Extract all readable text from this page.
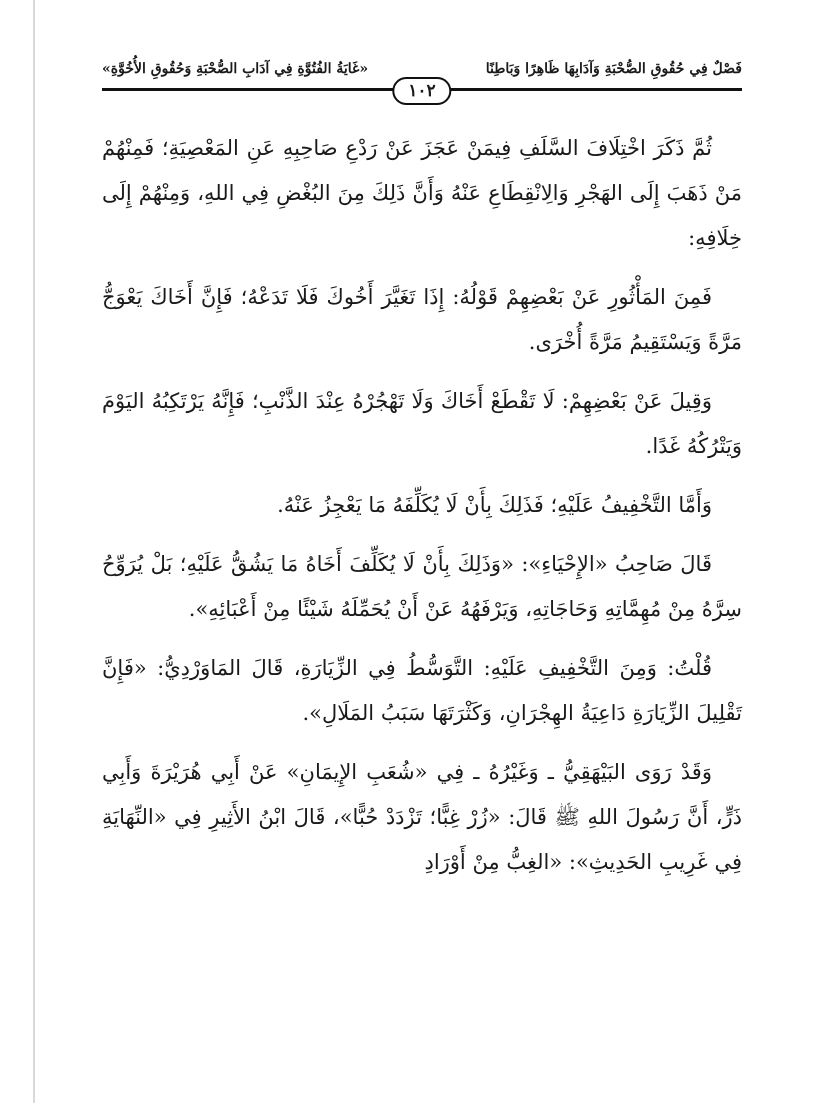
فَصْلٌ فِي حُقُوقِ الصُّحْبَةِ وَآدَابِهَا ظَاهِرًا وَبَاطِنًا
«غَايَةُ الفُتُوَّةِ فِي آدَابِ الصُّحْبَةِ وَحُقُوقِ الأُخُوَّةِ»
١٠٢

ثُمَّ ذَكَرَ اخْتِلَافَ السَّلَفِ فِيمَنْ عَجَزَ عَنْ رَدْعِ صَاحِبِهِ عَنِ المَعْصِيَةِ؛ فَمِنْهُمْ مَنْ ذَهَبَ إِلَى الهَجْرِ وَالِانْقِطَاعِ عَنْهُ وَأَنَّ ذَلِكَ مِنَ البُغْضِ فِي اللهِ، وَمِنْهُمْ إِلَى خِلَافِهِ:

فَمِنَ المَأْثُورِ عَنْ بَعْضِهِمْ قَوْلُهُ: إِذَا تَغَيَّرَ أَخُوكَ فَلَا تَدَعْهُ؛ فَإِنَّ أَخَاكَ يَعْوَجُّ مَرَّةً وَيَسْتَقِيمُ مَرَّةً أُخْرَى.

وَقِيلَ عَنْ بَعْضِهِمْ: لَا تَقْطَعْ أَخَاكَ وَلَا تَهْجُرْهُ عِنْدَ الذَّنْبِ؛ فَإِنَّهُ يَرْتَكِبُهُ اليَوْمَ وَيَتْرُكُهُ غَدًا.

وَأَمَّا التَّخْفِيفُ عَلَيْهِ؛ فَذَلِكَ بِأَنْ لَا يُكَلِّفَهُ مَا يَعْجِزُ عَنْهُ.

قَالَ صَاحِبُ «الإِحْيَاءِ»: «وَذَلِكَ بِأَنْ لَا يُكَلِّفَ أَخَاهُ مَا يَشُقُّ عَلَيْهِ؛ بَلْ يُرَوِّحُ سِرَّهُ مِنْ مُهِمَّاتِهِ وَحَاجَاتِهِ، وَيَرْفَهُهُ عَنْ أَنْ يُحَمِّلَهُ شَيْئًا مِنْ أَعْبَائِهِ».

قُلْتُ: وَمِنَ التَّخْفِيفِ عَلَيْهِ: التَّوَسُّطُ فِي الزِّيَارَةِ، قَالَ المَاوَرْدِيُّ: «فَإِنَّ تَقْلِيلَ الزِّيَارَةِ دَاعِيَةُ الهِجْرَانِ، وَكَثْرَتَهَا سَبَبُ المَلَالِ».

وَقَدْ رَوَى البَيْهَقِيُّ ـ وَغَيْرُهُ ـ فِي «شُعَبِ الإِيمَانِ» عَنْ أَبِي هُرَيْرَةَ وَأَبِي ذَرٍّ، أَنَّ رَسُولَ اللهِ ﷺ قَالَ: «زُرْ غِبًّا؛ تَزْدَدْ حُبًّا»، قَالَ ابْنُ الأَثِيرِ فِي «النِّهَايَةِ فِي غَرِيبِ الحَدِيثِ»: «الغِبُّ مِنْ أَوْرَادِ
